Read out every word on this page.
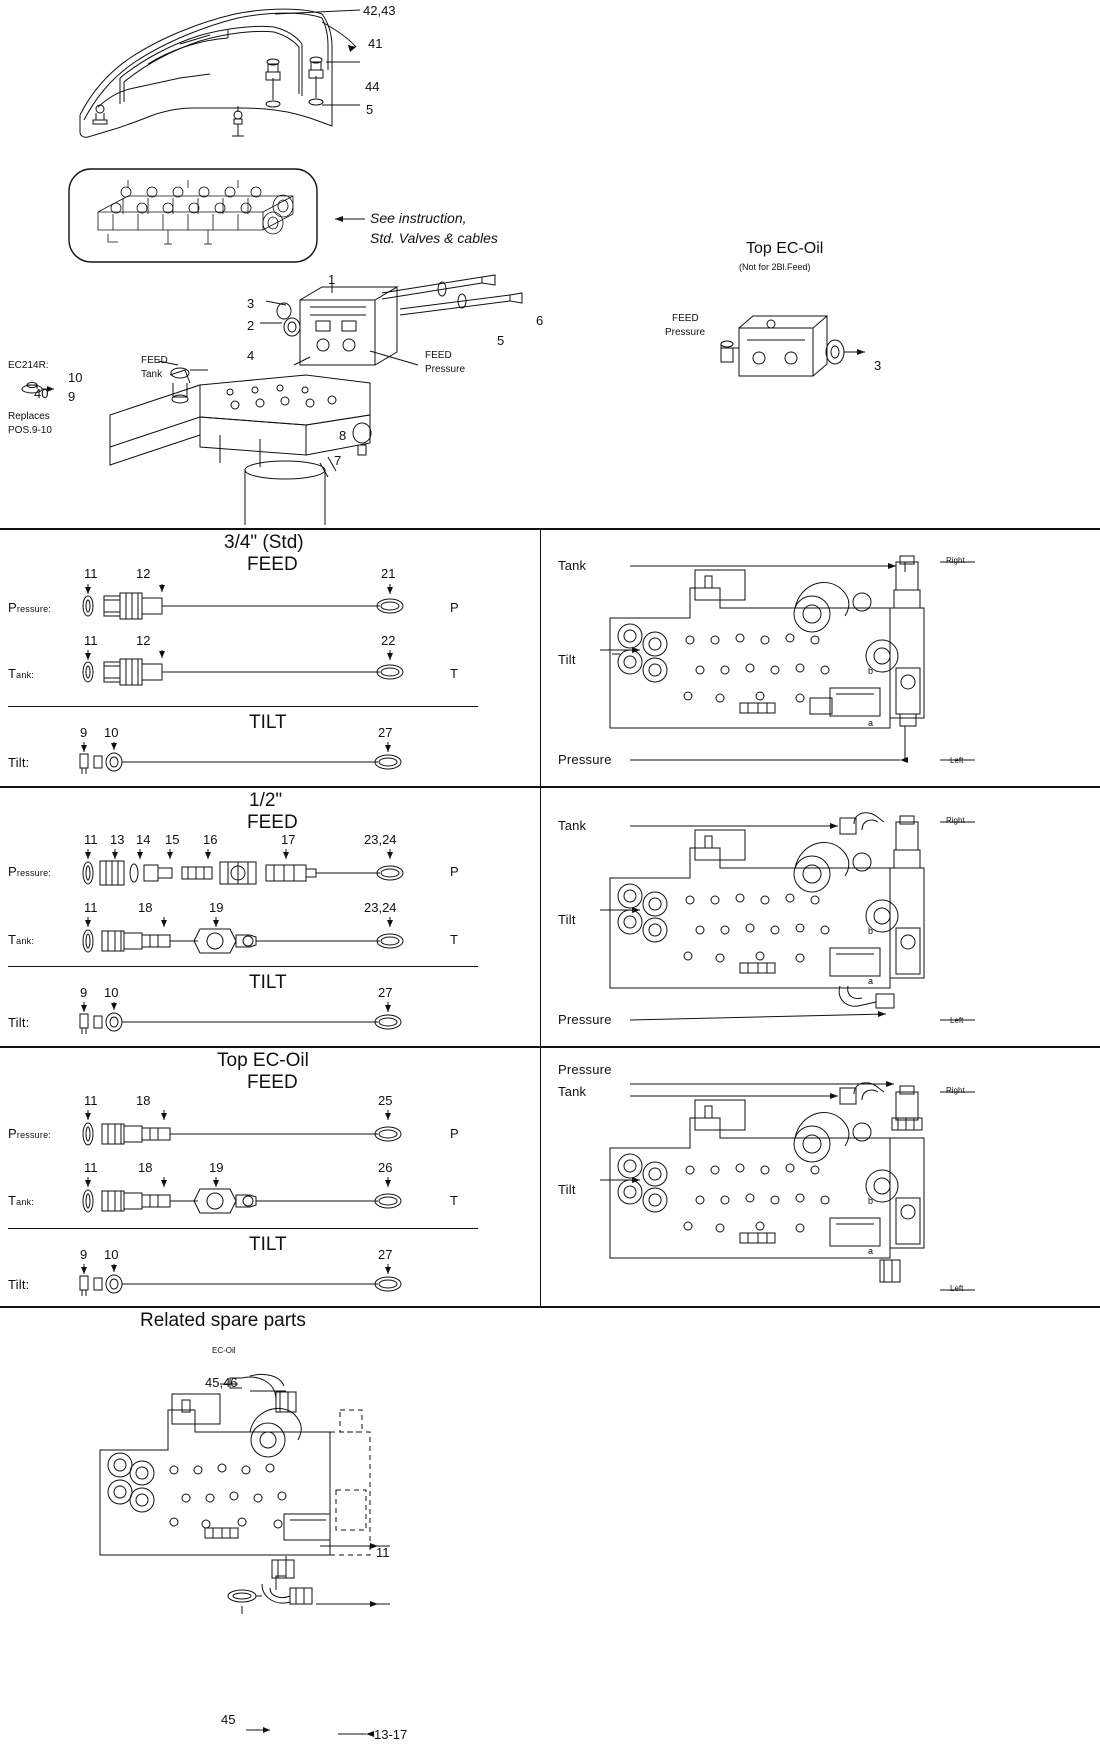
42,43
41
44
5
See instruction,
Std. Valves & cables
1
3
2
4
6
5
8
7
10
9
FEED
Tank
FEED
Pressure
EC214R:
40
Replaces
POS.9-10
Top EC-Oil
(Not for 2Bl.Feed)
FEED
Pressure
3
3/4" (Std)
FEED
Pressure:
11	12	21
P
Tank:
11	12	22
T
TILT
Tilt:
9 10	27
Tank
Tilt
Pressure
Right
Left
b
a
1/2"
FEED
Pressure:
11 13 14 15 16	17	23,24
P
Tank:
11	18	19	23,24
T
TILT
Tilt:
9 10	27
Tank
Tilt
Pressure
Right
Left
b
a
Top EC-Oil
FEED
Pressure:
11	18	25
P
Tank:
11	18	19	26
T
TILT
Tilt:
9 10	27
Pressure
Tank
Tilt
Right
Left
b
a
Related spare parts
EC-Oil
45,46
11
45
13-17
